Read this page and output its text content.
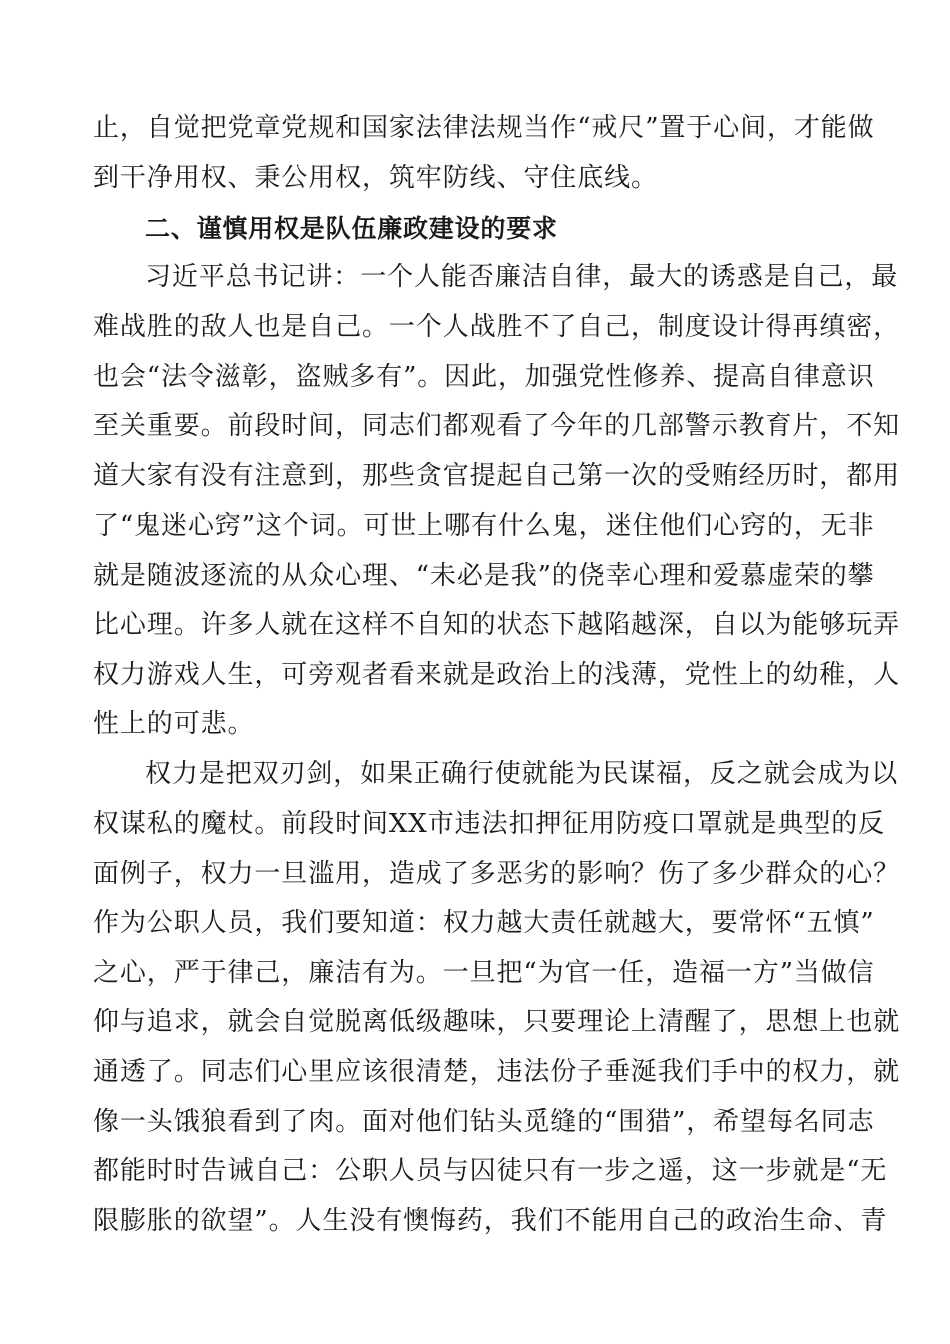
止，自觉把党章党规和国家法律法规当作“戒尺”置于心间，才能做
到干净用权、秉公用权，筑牢防线、守住底线。
二、谨慎用权是队伍廉政建设的要求
习近平总书记讲：一个人能否廉洁自律，最大的诱惑是自己，最
难战胜的敌人也是自己。一个人战胜不了自己，制度设计得再缜密，
也会“法令滋彰，盗贼多有”。因此，加强党性修养、提高自律意识
至关重要。前段时间，同志们都观看了今年的几部警示教育片，不知
道大家有没有注意到，那些贪官提起自己第一次的受贿经历时，都用
了“鬼迷心窍”这个词。可世上哪有什么鬼，迷住他们心窍的，无非
就是随波逐流的从众心理、“未必是我”的侥幸心理和爱慕虚荣的攀
比心理。许多人就在这样不自知的状态下越陷越深，自以为能够玩弄
权力游戏人生，可旁观者看来就是政治上的浅薄，党性上的幼稚，人
性上的可悲。
权力是把双刃剑，如果正确行使就能为民谋福，反之就会成为以
权谋私的魔杖。前段时间XX市违法扣押征用防疫口罩就是典型的反
面例子，权力一旦滥用，造成了多恶劣的影响？伤了多少群众的心？
作为公职人员，我们要知道：权力越大责任就越大，要常怀“五慎”
之心，严于律己，廉洁有为。一旦把“为官一任，造福一方”当做信
仰与追求，就会自觉脱离低级趣味，只要理论上清醒了，思想上也就
通透了。同志们心里应该很清楚，违法份子垂涎我们手中的权力，就
像一头饿狼看到了肉。面对他们钻头觅缝的“围猎”，希望每名同志
都能时时告诫自己：公职人员与囚徒只有一步之遥，这一步就是“无
限膨胀的欲望”。人生没有懊悔药，我们不能用自己的政治生命、青
